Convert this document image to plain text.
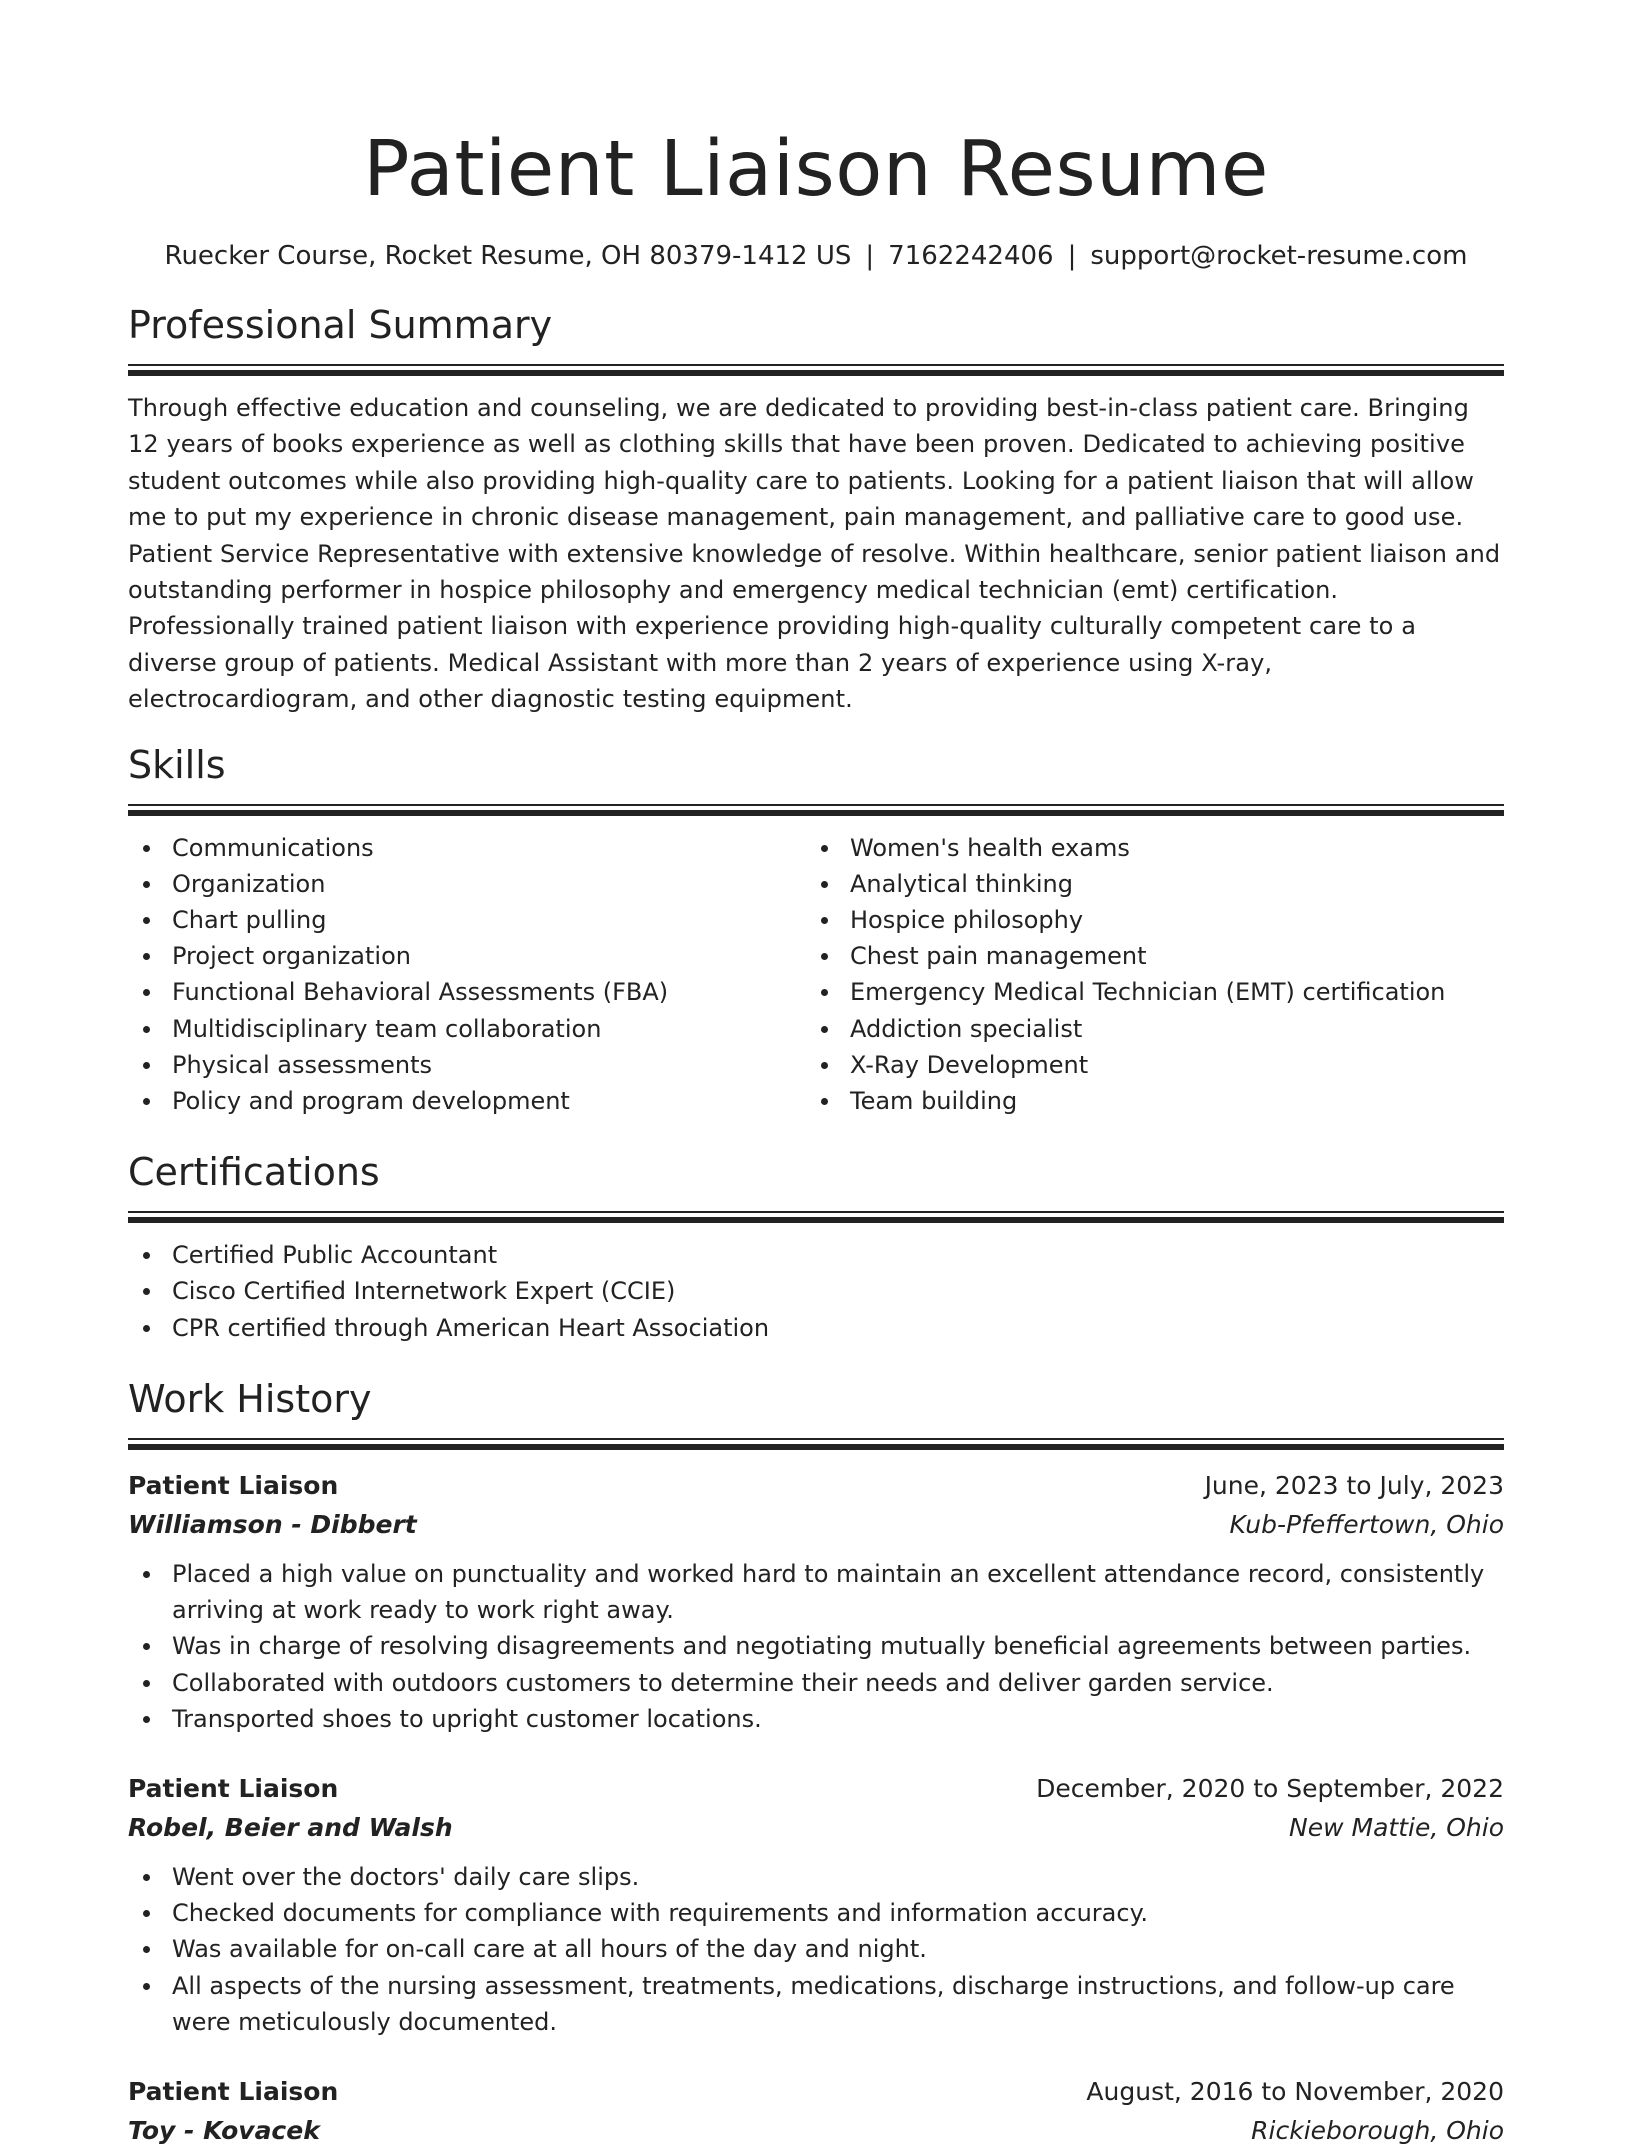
Patient Liaison Resume
Ruecker Course, Rocket Resume, OH 80379-1412 US | 7162242406 | support@rocket-resume.com
Professional Summary

Through effective education and counseling, we are dedicated to providing best-in-class patient care. Bringing 12 years of books experience as well as clothing skills that have been proven. Dedicated to achieving positive student outcomes while also providing high-quality care to patients. Looking for a patient liaison that will allow me to put my experience in chronic disease management, pain management, and palliative care to good use. Patient Service Representative with extensive knowledge of resolve. Within healthcare, senior patient liaison and outstanding performer in hospice philosophy and emergency medical technician (emt) certification. Professionally trained patient liaison with experience providing high-quality culturally competent care to a diverse group of patients. Medical Assistant with more than 2 years of experience using X-ray, electrocardiogram, and other diagnostic testing equipment.

Skills
Communications
Organization
Chart pulling
Project organization
Functional Behavioral Assessments (FBA)
Multidisciplinary team collaboration
Physical assessments
Policy and program development
Women's health exams
Analytical thinking
Hospice philosophy
Chest pain management
Emergency Medical Technician (EMT) certification
Addiction specialist
X-Ray Development
Team building
Certifications
Certified Public Accountant
Cisco Certified Internetwork Expert (CCIE)
CPR certified through American Heart Association
Work History
Patient Liaison	June, 2023 to July, 2023
Williamson - Dibbert	Kub-Pfeffertown, Ohio
Placed a high value on punctuality and worked hard to maintain an excellent attendance record, consistently arriving at work ready to work right away.
Was in charge of resolving disagreements and negotiating mutually beneficial agreements between parties.
Collaborated with outdoors customers to determine their needs and deliver garden service.
Transported shoes to upright customer locations.
Patient Liaison	December, 2020 to September, 2022
Robel, Beier and Walsh	New Mattie, Ohio
Went over the doctors' daily care slips.
Checked documents for compliance with requirements and information accuracy.
Was available for on-call care at all hours of the day and night.
All aspects of the nursing assessment, treatments, medications, discharge instructions, and follow-up care were meticulously documented.
Patient Liaison	August, 2016 to November, 2020
Toy - Kovacek	Rickieborough, Ohio
